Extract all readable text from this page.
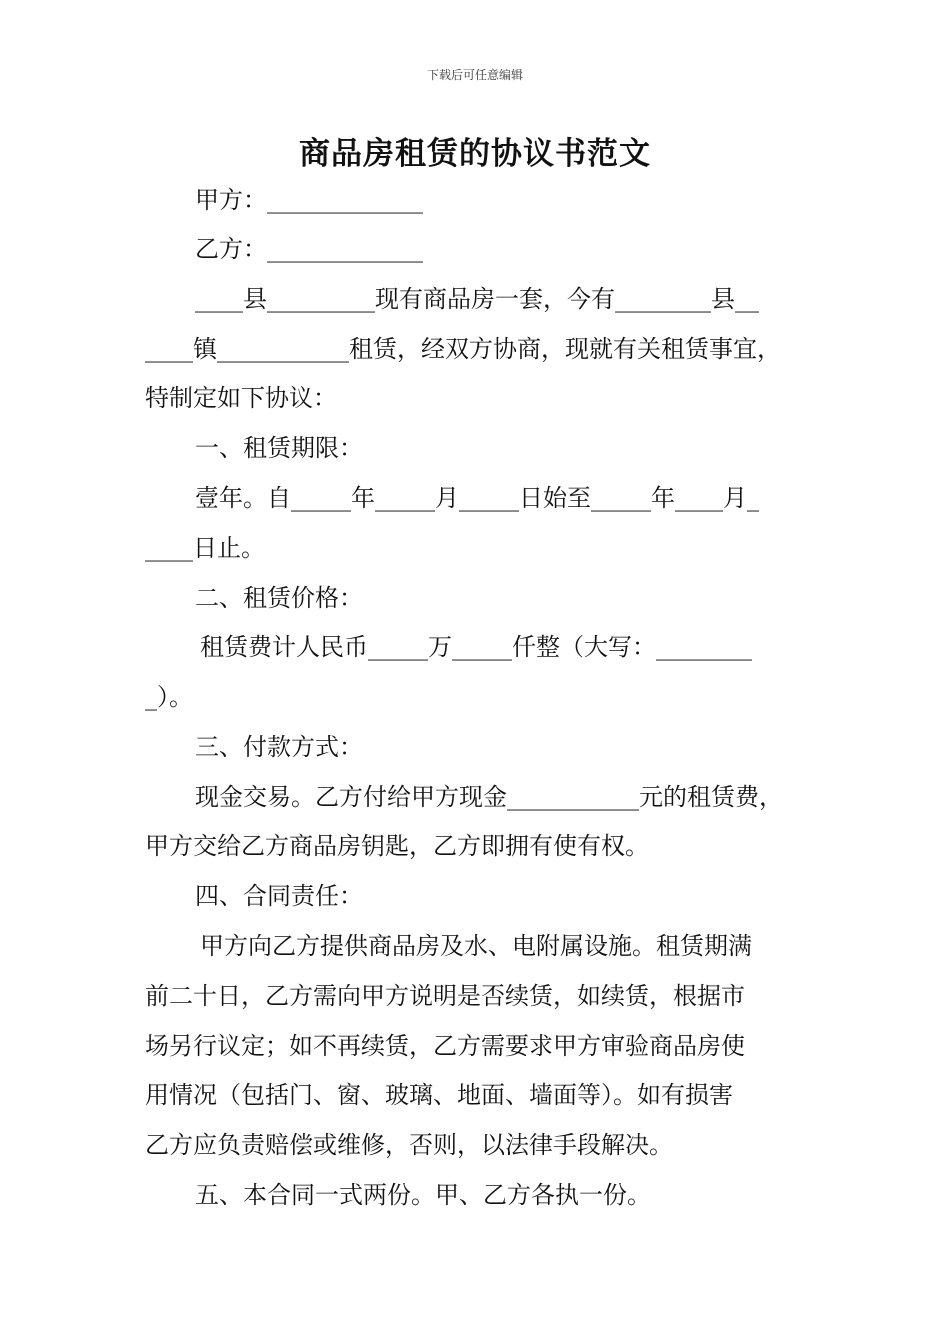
下载后可任意编辑
商品房租赁的协议书范文
甲方：_____________
乙方：_____________
____县_________现有商品房一套，今有________县__
____镇___________租赁，经双方协商，现就有关租赁事宜，
特制定如下协议：
一、租赁期限：
壹年。自_____年_____月_____日始至_____年____月_
____日止。
二、租赁价格：
租赁费计人民币_____万_____仟整（大写：________
_）。
三、付款方式：
现金交易。乙方付给甲方现金___________元的租赁费，
甲方交给乙方商品房钥匙，乙方即拥有使有权。
四、合同责任：
甲方向乙方提供商品房及水、电附属设施。租赁期满
前二十日，乙方需向甲方说明是否续赁，如续赁，根据市
场另行议定；如不再续赁，乙方需要求甲方审验商品房使
用情况（包括门、窗、玻璃、地面、墙面等）。如有损害
乙方应负责赔偿或维修，否则，以法律手段解决。
五、本合同一式两份。甲、乙方各执一份。
